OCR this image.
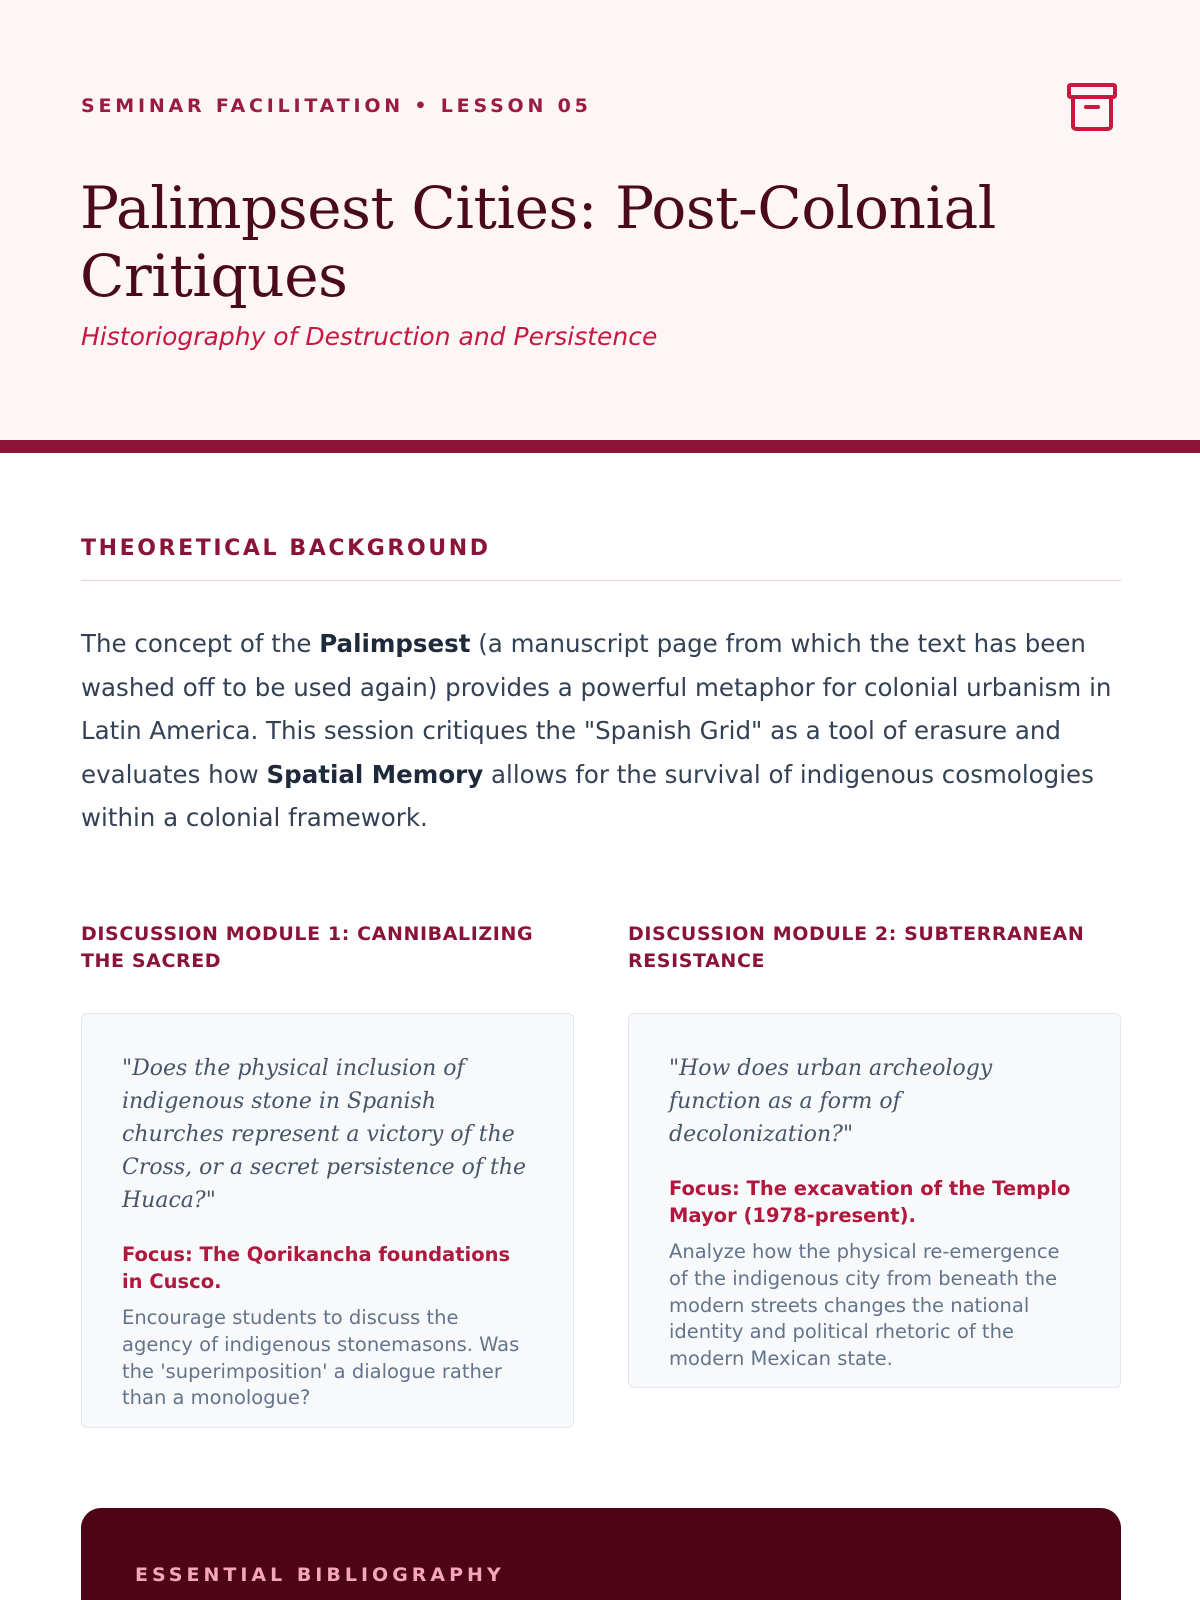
SEMINAR FACILITATION • LESSON 05
Palimpsest Cities: Post-Colonial Critiques
Historiography of Destruction and Persistence
THEORETICAL BACKGROUND

The concept of the Palimpsest (a manuscript page from which the text has been washed off to be used again) provides a powerful metaphor for colonial urbanism in Latin America. This session critiques the "Spanish Grid" as a tool of erasure and evaluates how Spatial Memory allows for the survival of indigenous cosmologies within a colonial framework.

DISCUSSION MODULE 1: CANNIBALIZING THE SACRED

"Does the physical inclusion of indigenous stone in Spanish churches represent a victory of the Cross, or a secret persistence of the Huaca?"

Focus: The Qorikancha foundations in Cusco.

Encourage students to discuss the agency of indigenous stonemasons. Was the 'superimposition' a dialogue rather than a monologue?

DISCUSSION MODULE 2: SUBTERRANEAN RESISTANCE

"How does urban archeology function as a form of decolonization?"

Focus: The excavation of the Templo Mayor (1978-present).

Analyze how the physical re-emergence of the indigenous city from beneath the modern streets changes the national identity and political rhetoric of the modern Mexican state.

ESSENTIAL BIBLIOGRAPHY
